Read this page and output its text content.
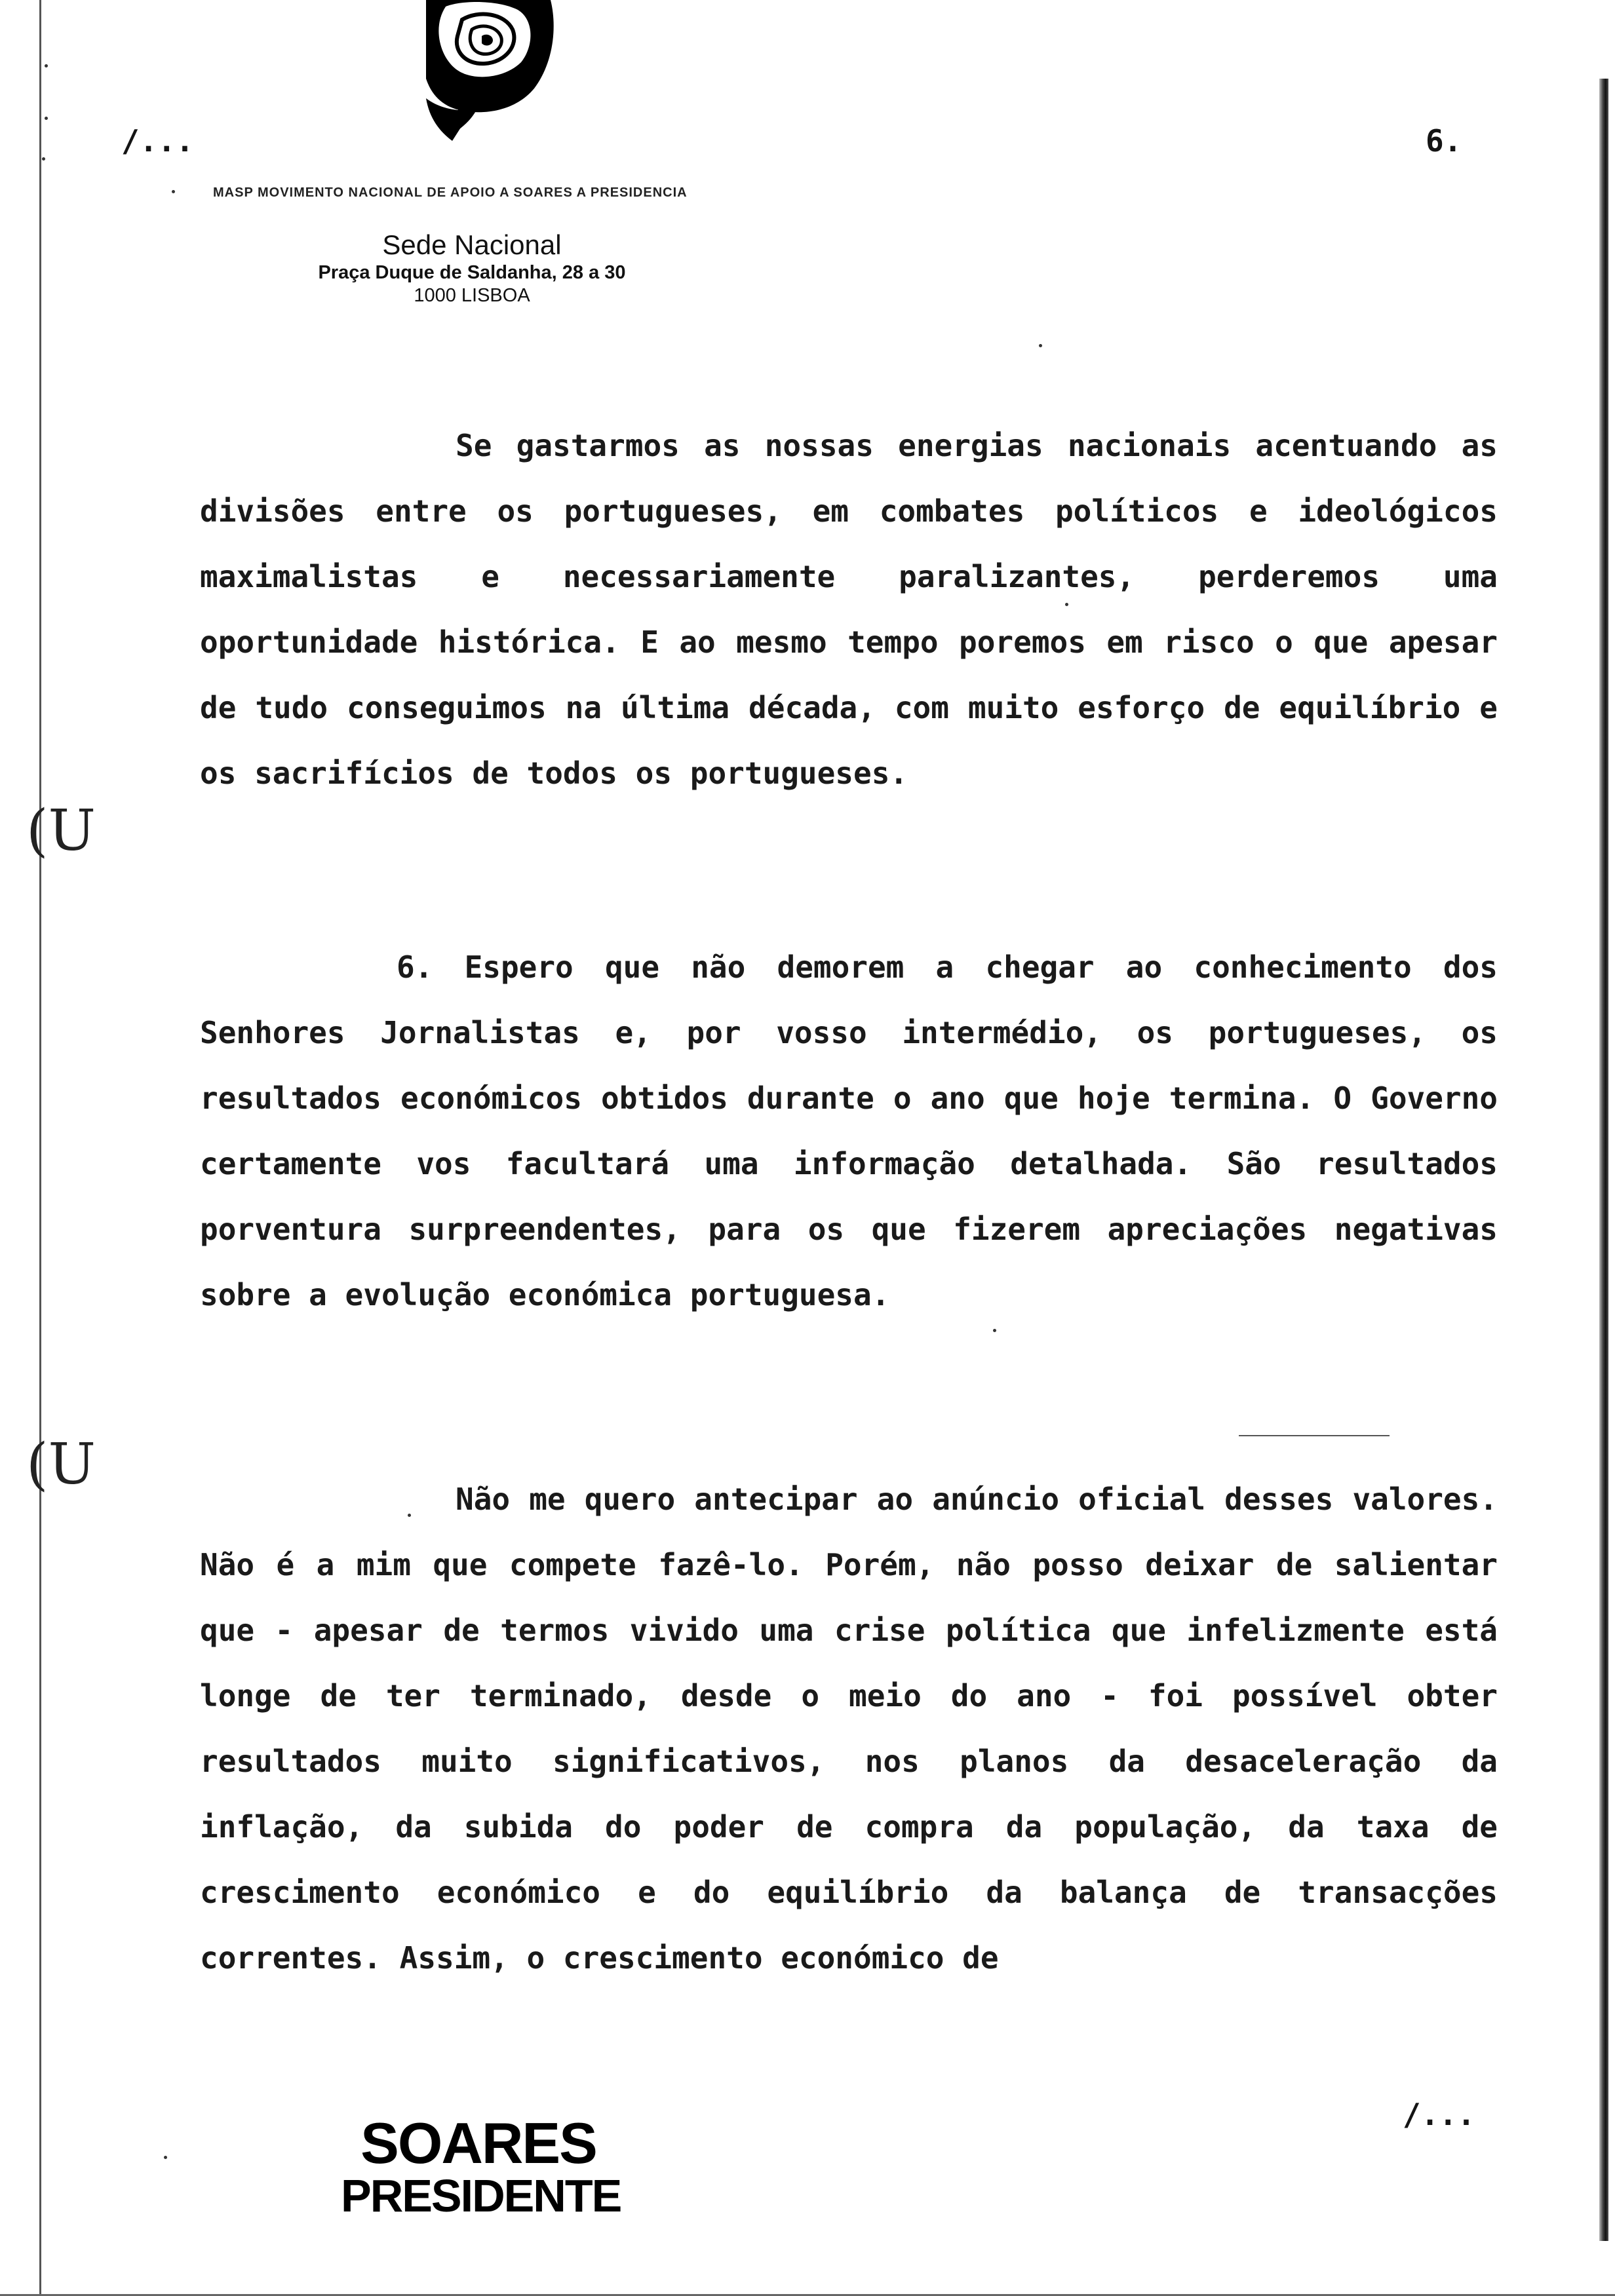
/...	6.
MASP MOVIMENTO NACIONAL DE APOIO A SOARES A PRESIDENCIA
Sede Nacional
Praça Duque de Saldanha, 28 a 30
1000 LISBOA

Se gastarmos as nossas energias nacionais acentuando as divisões entre os portugueses, em combates políticos e ideológicos maximalistas e necessariamente paralizantes, perderemos uma oportunidade histórica. E ao mesmo tempo poremos em risco o que apesar de tudo conseguimos na última década, com muito esforço de equilíbrio e os sacrifícios de todos os portugueses.

6. Espero que não demorem a chegar ao conhecimento dos Senhores Jornalistas e, por vosso intermédio, os portugueses, os resultados económicos obtidos durante o ano que hoje termina. O Governo certamente vos facultará uma informação detalhada. São resultados porventura surpreendentes, para os que fizerem apreciações negativas sobre a evolução económica portuguesa.

Não me quero antecipar ao anúncio oficial desses valores. Não é a mim que compete fazê-lo. Porém, não posso deixar de salientar que - apesar de termos vivido uma crise política que infelizmente está longe de ter terminado, desde o meio do ano - foi possível obter resultados muito significativos, nos planos da desaceleração da inflação, da subida do poder de compra da população, da taxa de crescimento económico e do equilíbrio da balança de transacções correntes. Assim, o crescimento económico de

/...
SOARES
PRESIDENTE
(U
(U
